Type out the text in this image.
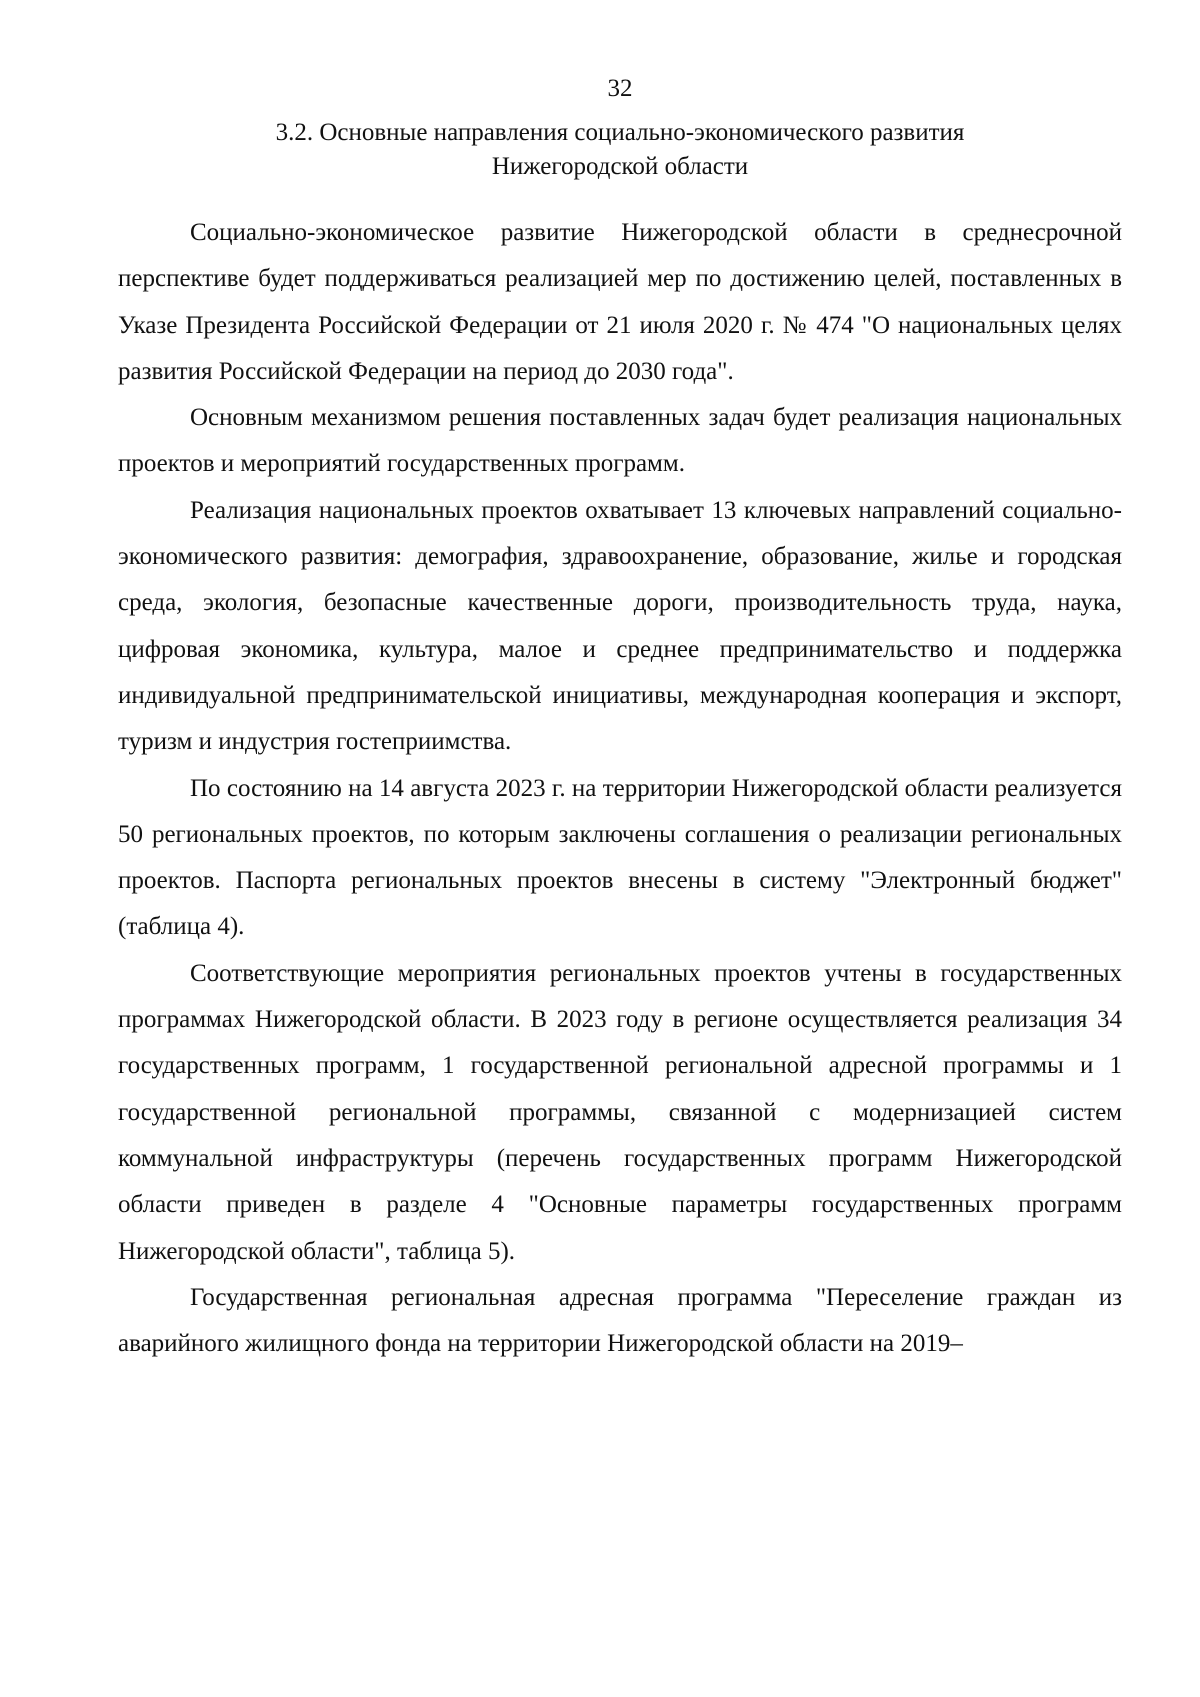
32
3.2. Основные направления социально-экономического развития
Нижегородской области

Социально-экономическое развитие Нижегородской области в среднесрочной перспективе будет поддерживаться реализацией мер по достижению целей, поставленных в Указе Президента Российской Федерации от 21 июля 2020 г. № 474 "О национальных целях развития Российской Федерации на период до 2030 года".

Основным механизмом решения поставленных задач будет реализация национальных проектов и мероприятий государственных программ.

Реализация национальных проектов охватывает 13 ключевых направлений социально-экономического развития: демография, здравоохранение, образование, жилье и городская среда, экология, безопасные качественные дороги, производительность труда, наука, цифровая экономика, культура, малое и среднее предпринимательство и поддержка индивидуальной предпринимательской инициативы, международная кооперация и экспорт, туризм и индустрия гостеприимства.

По состоянию на 14 августа 2023 г. на территории Нижегородской области реализуется 50 региональных проектов, по которым заключены соглашения о реализации региональных проектов. Паспорта региональных проектов внесены в систему "Электронный бюджет" (таблица 4).

Соответствующие мероприятия региональных проектов учтены в государственных программах Нижегородской области. В 2023 году в регионе осуществляется реализация 34 государственных программ, 1 государственной региональной адресной программы и 1 государственной региональной программы, связанной с модернизацией систем коммунальной инфраструктуры (перечень государственных программ Нижегородской области приведен в разделе 4 "Основные параметры государственных программ Нижегородской области", таблица 5).

Государственная региональная адресная программа "Переселение граждан из аварийного жилищного фонда на территории Нижегородской области на 2019–
